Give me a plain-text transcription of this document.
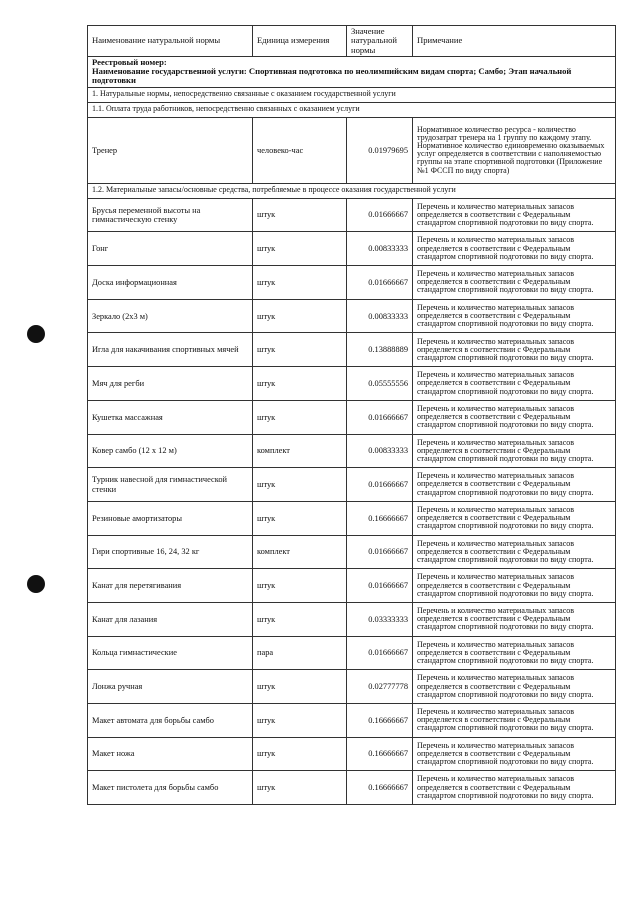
Наименование натуральной нормы	Единица измерения	Значение натуральной нормы	Примечание

Реестровый номер:
Наименование государственной услуги: Спортивная подготовка по неолимпийским видам спорта; Самбо; Этап начальной подготовки			

1. Натуральные нормы, непосредственно связанные с оказанием государственной услуги			
1.1. Оплата труда работников, непосредственно связанных с оказанием услуги			
Тренер	человеко-час	0.01979695	Нормативное количество ресурса - количество трудозатрат тренера на 1 группу по каждому этапу. Нормативное количество единовременно оказываемых услуг определяется в соответствии с наполняемостью группы на этапе спортивной подготовки (Приложение №1 ФССП по виду спорта)
1.2. Материальные запасы/основные средства, потребляемые в процессе оказания государственной услуги			
Брусья переменной высоты на гимнастическую стенку	штук	0.01666667	Перечень и количество материальных запасов определяется в соответствии с Федеральным стандартом спортивной подготовки по виду спорта.
Гонг	штук	0.00833333	Перечень и количество материальных запасов определяется в соответствии с Федеральным стандартом спортивной подготовки по виду спорта.
Доска информационная	штук	0.01666667	Перечень и количество материальных запасов определяется в соответствии с Федеральным стандартом спортивной подготовки по виду спорта.
Зеркало (2x3 м)	штук	0.00833333	Перечень и количество материальных запасов определяется в соответствии с Федеральным стандартом спортивной подготовки по виду спорта.
Игла для накачивания спортивных мячей	штук	0.13888889	Перечень и количество материальных запасов определяется в соответствии с Федеральным стандартом спортивной подготовки по виду спорта.
Мяч для регби	штук	0.05555556	Перечень и количество материальных запасов определяется в соответствии с Федеральным стандартом спортивной подготовки по виду спорта.
Кушетка массажная	штук	0.01666667	Перечень и количество материальных запасов определяется в соответствии с Федеральным стандартом спортивной подготовки по виду спорта.
Ковер самбо (12 x 12 м)	комплект	0.00833333	Перечень и количество материальных запасов определяется в соответствии с Федеральным стандартом спортивной подготовки по виду спорта.
Турник навесной для гимнастической стенки	штук	0.01666667	Перечень и количество материальных запасов определяется в соответствии с Федеральным стандартом спортивной подготовки по виду спорта.
Резиновые амортизаторы	штук	0.16666667	Перечень и количество материальных запасов определяется в соответствии с Федеральным стандартом спортивной подготовки по виду спорта.
Гири спортивные 16, 24, 32 кг	комплект	0.01666667	Перечень и количество материальных запасов определяется в соответствии с Федеральным стандартом спортивной подготовки по виду спорта.
Канат для перетягивания	штук	0.01666667	Перечень и количество материальных запасов определяется в соответствии с Федеральным стандартом спортивной подготовки по виду спорта.
Канат для лазания	штук	0.03333333	Перечень и количество материальных запасов определяется в соответствии с Федеральным стандартом спортивной подготовки по виду спорта.
Кольца гимнастические	пара	0.01666667	Перечень и количество материальных запасов определяется в соответствии с Федеральным стандартом спортивной подготовки по виду спорта.
Лонжа ручная	штук	0.02777778	Перечень и количество материальных запасов определяется в соответствии с Федеральным стандартом спортивной подготовки по виду спорта.
Макет автомата для борьбы самбо	штук	0.16666667	Перечень и количество материальных запасов определяется в соответствии с Федеральным стандартом спортивной подготовки по виду спорта.
Макет ножа	штук	0.16666667	Перечень и количество материальных запасов определяется в соответствии с Федеральным стандартом спортивной подготовки по виду спорта.
Макет пистолета для борьбы самбо	штук	0.16666667	Перечень и количество материальных запасов определяется в соответствии с Федеральным стандартом спортивной подготовки по виду спорта.
